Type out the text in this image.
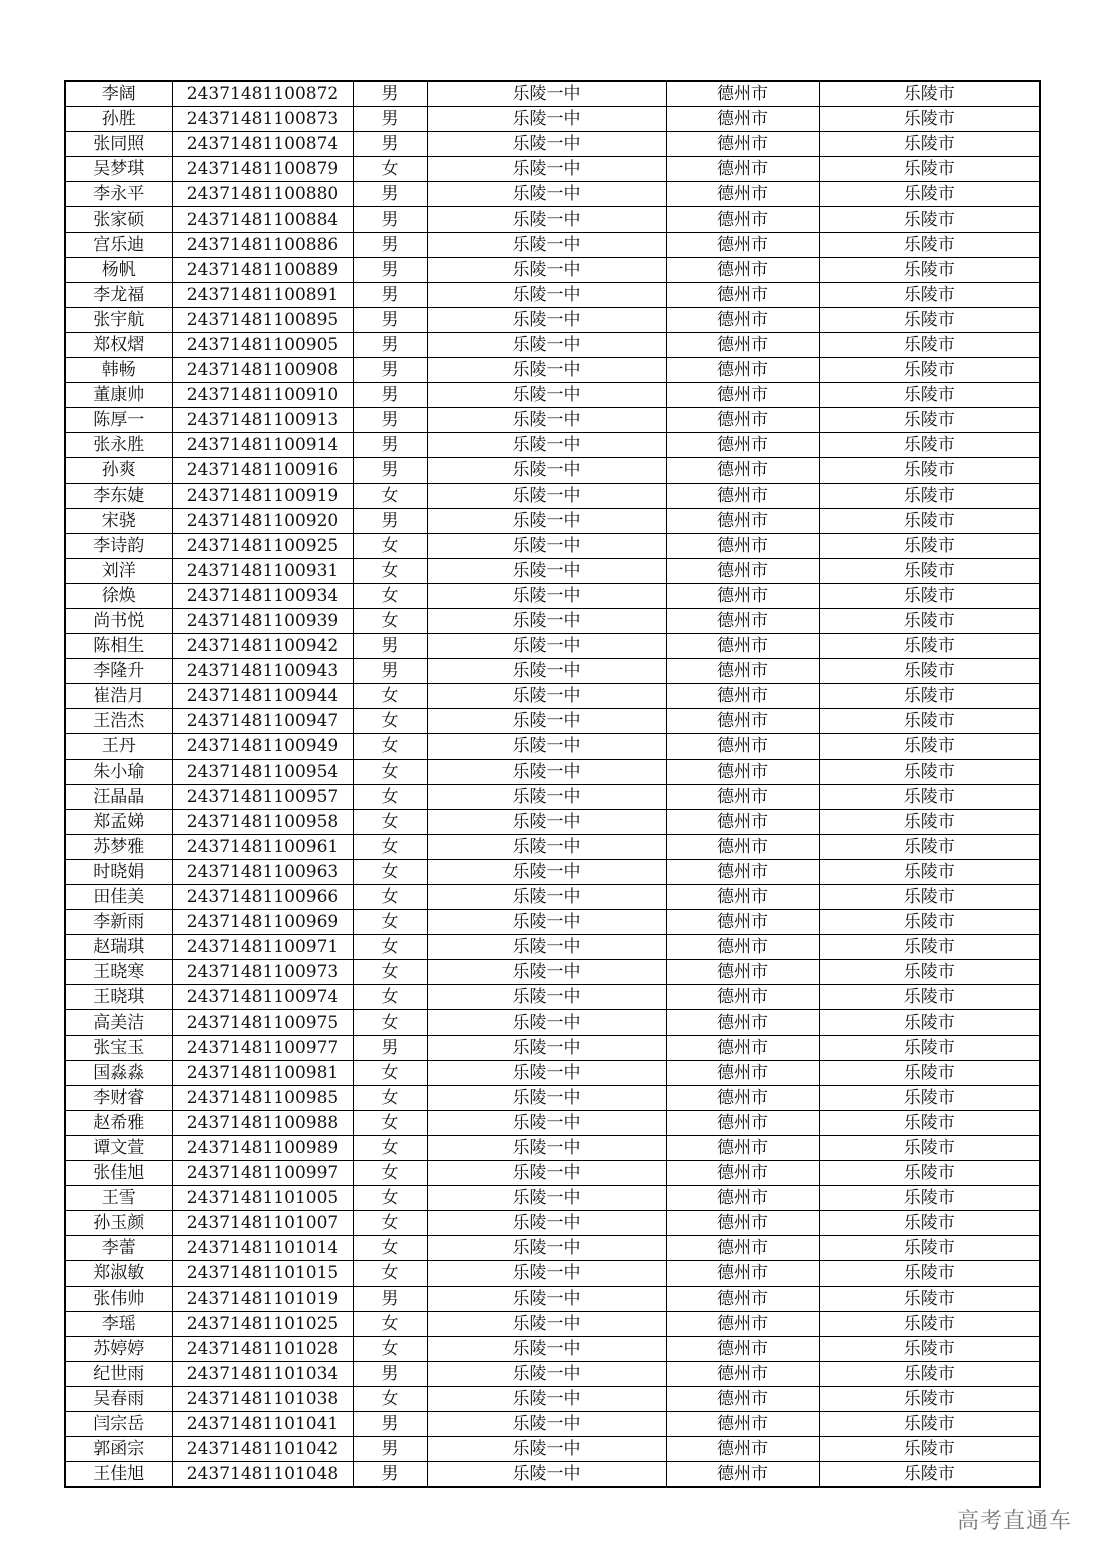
李阔	24371481100872	男	乐陵一中	德州市	乐陵市
孙胜	24371481100873	男	乐陵一中	德州市	乐陵市
张同照	24371481100874	男	乐陵一中	德州市	乐陵市
吴梦琪	24371481100879	女	乐陵一中	德州市	乐陵市
李永平	24371481100880	男	乐陵一中	德州市	乐陵市
张家硕	24371481100884	男	乐陵一中	德州市	乐陵市
宫乐迪	24371481100886	男	乐陵一中	德州市	乐陵市
杨帆	24371481100889	男	乐陵一中	德州市	乐陵市
李龙福	24371481100891	男	乐陵一中	德州市	乐陵市
张宇航	24371481100895	男	乐陵一中	德州市	乐陵市
郑权熠	24371481100905	男	乐陵一中	德州市	乐陵市
韩畅	24371481100908	男	乐陵一中	德州市	乐陵市
董康帅	24371481100910	男	乐陵一中	德州市	乐陵市
陈厚一	24371481100913	男	乐陵一中	德州市	乐陵市
张永胜	24371481100914	男	乐陵一中	德州市	乐陵市
孙爽	24371481100916	男	乐陵一中	德州市	乐陵市
李东婕	24371481100919	女	乐陵一中	德州市	乐陵市
宋骁	24371481100920	男	乐陵一中	德州市	乐陵市
李诗韵	24371481100925	女	乐陵一中	德州市	乐陵市
刘洋	24371481100931	女	乐陵一中	德州市	乐陵市
徐焕	24371481100934	女	乐陵一中	德州市	乐陵市
尚书悦	24371481100939	女	乐陵一中	德州市	乐陵市
陈相生	24371481100942	男	乐陵一中	德州市	乐陵市
李隆升	24371481100943	男	乐陵一中	德州市	乐陵市
崔浩月	24371481100944	女	乐陵一中	德州市	乐陵市
王浩杰	24371481100947	女	乐陵一中	德州市	乐陵市
王丹	24371481100949	女	乐陵一中	德州市	乐陵市
朱小瑜	24371481100954	女	乐陵一中	德州市	乐陵市
汪晶晶	24371481100957	女	乐陵一中	德州市	乐陵市
郑孟娣	24371481100958	女	乐陵一中	德州市	乐陵市
苏梦雅	24371481100961	女	乐陵一中	德州市	乐陵市
时晓娟	24371481100963	女	乐陵一中	德州市	乐陵市
田佳美	24371481100966	女	乐陵一中	德州市	乐陵市
李新雨	24371481100969	女	乐陵一中	德州市	乐陵市
赵瑞琪	24371481100971	女	乐陵一中	德州市	乐陵市
王晓寒	24371481100973	女	乐陵一中	德州市	乐陵市
王晓琪	24371481100974	女	乐陵一中	德州市	乐陵市
高美洁	24371481100975	女	乐陵一中	德州市	乐陵市
张宝玉	24371481100977	男	乐陵一中	德州市	乐陵市
国淼淼	24371481100981	女	乐陵一中	德州市	乐陵市
李财睿	24371481100985	女	乐陵一中	德州市	乐陵市
赵希雅	24371481100988	女	乐陵一中	德州市	乐陵市
谭文萱	24371481100989	女	乐陵一中	德州市	乐陵市
张佳旭	24371481100997	女	乐陵一中	德州市	乐陵市
王雪	24371481101005	女	乐陵一中	德州市	乐陵市
孙玉颜	24371481101007	女	乐陵一中	德州市	乐陵市
李蕾	24371481101014	女	乐陵一中	德州市	乐陵市
郑淑敏	24371481101015	女	乐陵一中	德州市	乐陵市
张伟帅	24371481101019	男	乐陵一中	德州市	乐陵市
李瑶	24371481101025	女	乐陵一中	德州市	乐陵市
苏婷婷	24371481101028	女	乐陵一中	德州市	乐陵市
纪世雨	24371481101034	男	乐陵一中	德州市	乐陵市
吴春雨	24371481101038	女	乐陵一中	德州市	乐陵市
闫宗岳	24371481101041	男	乐陵一中	德州市	乐陵市
郭函宗	24371481101042	男	乐陵一中	德州市	乐陵市
王佳旭	24371481101048	男	乐陵一中	德州市	乐陵市
高考直通车
